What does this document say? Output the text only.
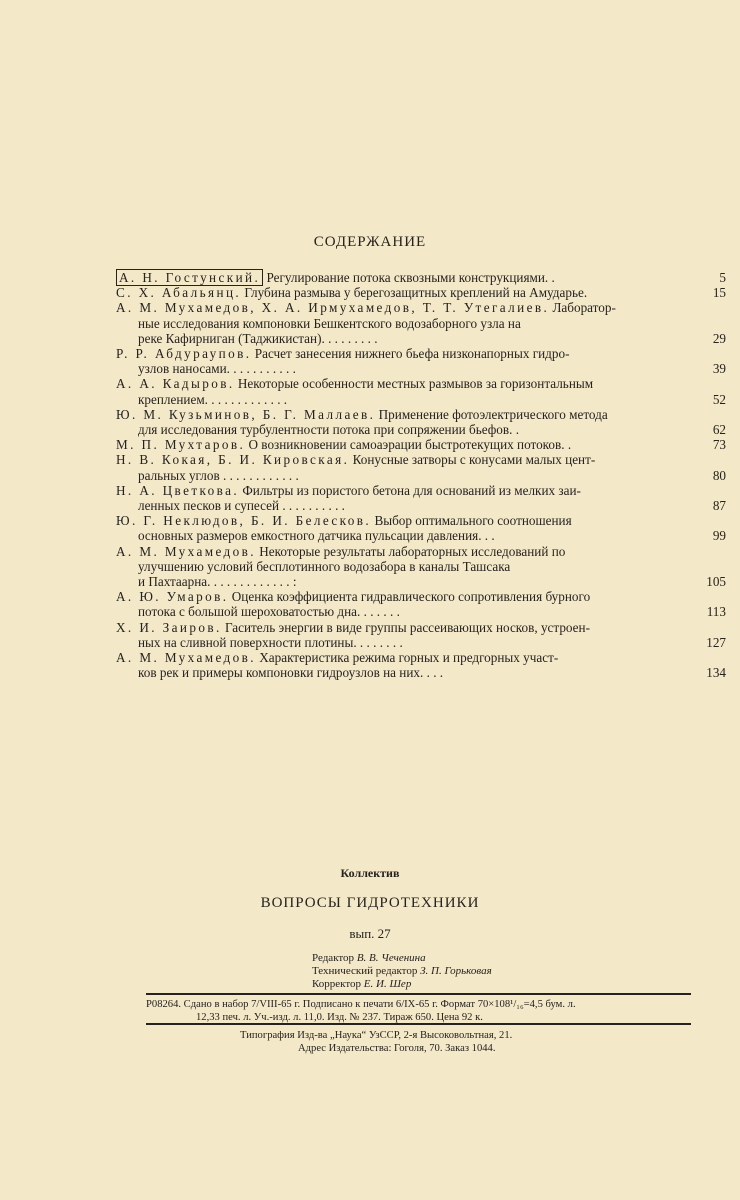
СОДЕРЖАНИЕ
А. Н. Гостунский. Регулирование потока сквозными конструкциями. .	5
С. Х. Абальянц. Глубина размыва у берегозащитных креплений на Амударье.	15
А. М. Мухамедов, Х. А. Ирмухамедов, Т. Т. Утегалиев. Лаборатор-
ные исследования компоновки Бешкентского водозаборного узла на
реке Кафирниган (Таджикистан). . . . . . . . .	29
Р. Р. Абдураупов. Расчет занесения нижнего бьефа низконапорных гидро-
узлов наносами. . . . . . . . . . .	39
А. А. Кадыров. Некоторые особенности местных размывов за горизонтальным
креплением. . . . . . . . . . . . .	52
Ю. М. Кузьминов, Б. Г. Маллаев. Применение фотоэлектрического метода
для исследования турбулентности потока при сопряжении бьефов. .	62
М. П. Мухтаров. О возникновении самоаэрации быстротекущих потоков. .	73
Н. В. Кокая, Б. И. Кировская. Конусные затворы с конусами малых цент-
ральных углов . . . . . . . . . . . .	80
Н. А. Цветкова. Фильтры из пористого бетона для оснований из мелких заи-
ленных песков и супесей . . . . . . . . . .	87
Ю. Г. Неклюдов, Б. И. Белесков. Выбор оптимального соотношения
основных размеров емкостного датчика пульсации давления. . .	99
А. М. Мухамедов. Некоторые результаты лабораторных исследований по
улучшению условий бесплотинного водозабора в каналы Ташсака
и Пахтаарна. . . . . . . . . . . . . :	105
А. Ю. Умаров. Оценка коэффициента гидравлического сопротивления бурного
потока с большой шероховатостью дна. . . . . . .	113
Х. И. Заиров. Гаситель энергии в виде группы рассеивающих носков, устроен-
ных на сливной поверхности плотины. . . . . . . .	127
А. М. Мухамедов. Характеристика режима горных и предгорных участ-
ков рек и примеры компоновки гидроузлов на них. . . .	134
Коллектив
ВОПРОСЫ ГИДРОТЕХНИКИ
вып. 27
Редактор В. В. Чеченина
Технический редактор З. П. Горьковая
Корректор Е. И. Шер

Р08264. Сдано в набор 7/VIII-65 г. Подписано к печати 6/IX-65 г. Формат 70×108¹/₁₆=4,5 бум. л.

12,33 печ. л. Уч.-изд. л. 11,0. Изд. № 237. Тираж 650. Цена 92 к.

Типография Изд-ва „Наука“ УзССР, 2-я Высоковольтная, 21.

Адрес Издательства: Гоголя, 70. Заказ 1044.
